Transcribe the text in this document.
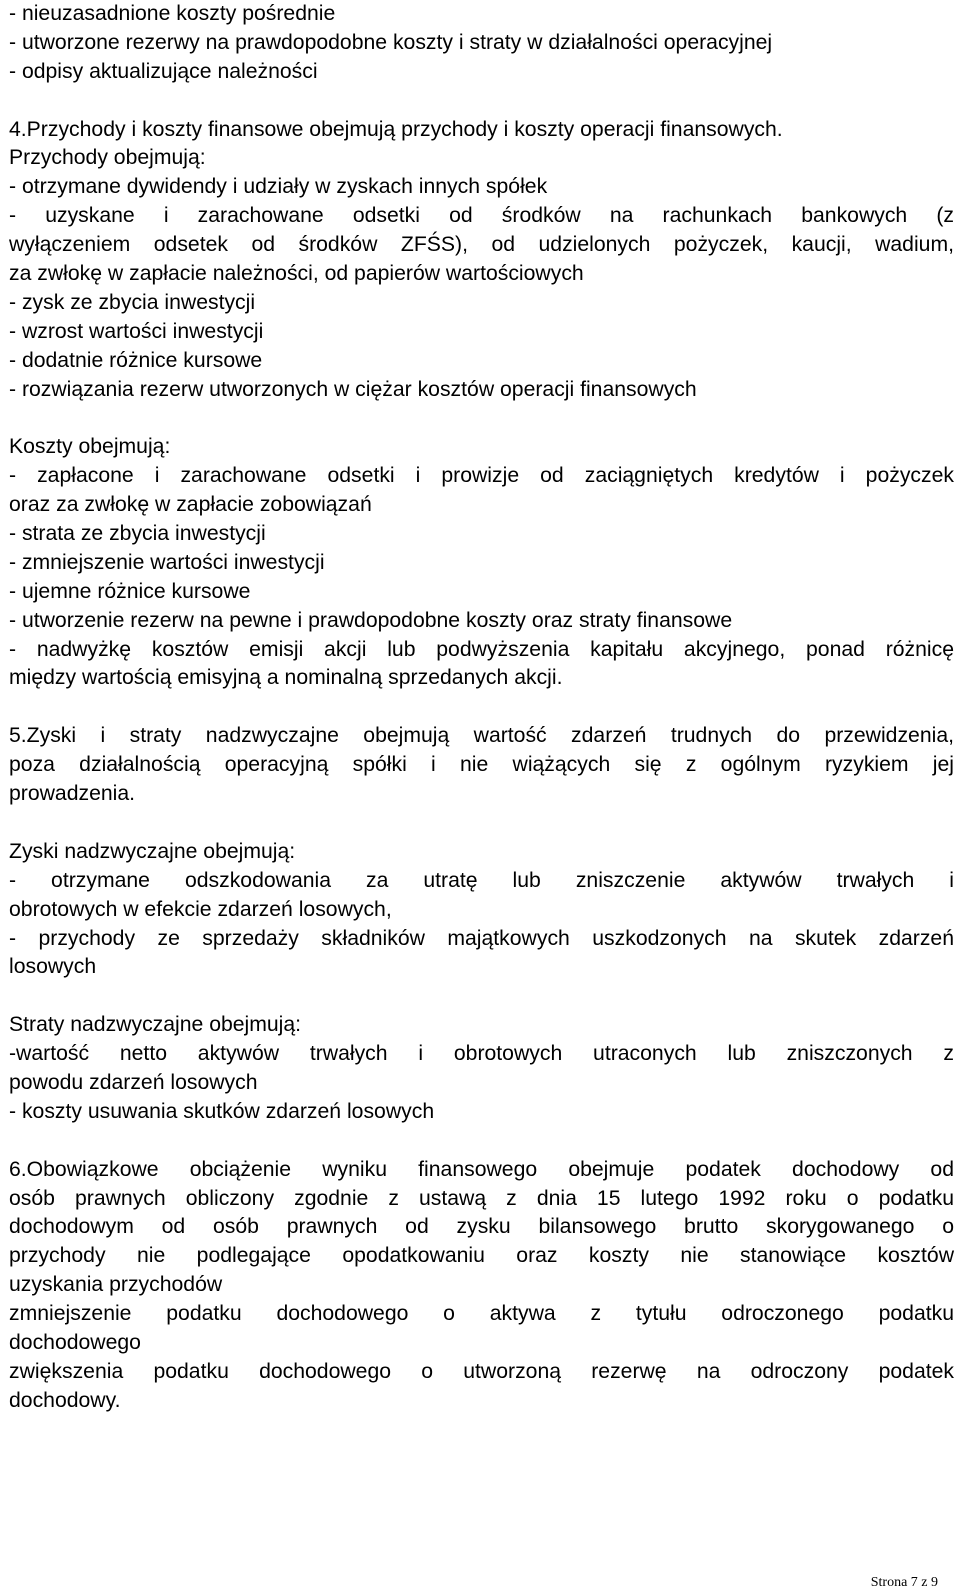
- nieuzasadnione koszty pośrednie
- utworzone rezerwy na prawdopodobne koszty i straty w działalności operacyjnej
- odpisy aktualizujące należności
4.Przychody i koszty finansowe obejmują przychody i koszty operacji finansowych.
Przychody obejmują:
- otrzymane dywidendy i udziały w zyskach innych spółek
- uzyskane i zarachowane odsetki od środków na rachunkach bankowych (z
wyłączeniem odsetek od środków ZFŚS), od udzielonych pożyczek, kaucji, wadium,
za zwłokę w zapłacie należności, od papierów wartościowych
- zysk ze zbycia inwestycji
- wzrost wartości inwestycji
- dodatnie różnice kursowe
- rozwiązania rezerw utworzonych w ciężar kosztów operacji finansowych
Koszty obejmują:
- zapłacone i zarachowane odsetki i prowizje od zaciągniętych kredytów i pożyczek
oraz za zwłokę w zapłacie zobowiązań
- strata ze zbycia inwestycji
- zmniejszenie wartości inwestycji
- ujemne różnice kursowe
- utworzenie rezerw na pewne i prawdopodobne koszty oraz straty finansowe
- nadwyżkę kosztów emisji akcji lub podwyższenia kapitału akcyjnego, ponad różnicę
między wartością emisyjną a nominalną sprzedanych akcji.
5.Zyski i straty nadzwyczajne obejmują wartość zdarzeń trudnych do przewidzenia,
poza działalnością operacyjną spółki i nie wiążących się z ogólnym ryzykiem jej
prowadzenia.
Zyski nadzwyczajne obejmują:
- otrzymane odszkodowania za utratę lub zniszczenie aktywów trwałych i
obrotowych w efekcie zdarzeń losowych,
- przychody ze sprzedaży składników majątkowych uszkodzonych na skutek zdarzeń
losowych
Straty nadzwyczajne obejmują:
-wartość netto aktywów trwałych i obrotowych utraconych lub zniszczonych z
powodu zdarzeń losowych
- koszty usuwania skutków zdarzeń losowych
6.Obowiązkowe obciążenie wyniku finansowego obejmuje podatek dochodowy od
osób prawnych obliczony zgodnie z ustawą z dnia 15 lutego 1992 roku o podatku
dochodowym od osób prawnych od zysku bilansowego brutto skorygowanego o
przychody nie podlegające opodatkowaniu oraz koszty nie stanowiące kosztów
uzyskania przychodów
zmniejszenie podatku dochodowego o aktywa z tytułu odroczonego podatku
dochodowego
zwiększenia podatku dochodowego o utworzoną rezerwę na odroczony podatek
dochodowy.
Strona 7 z 9
